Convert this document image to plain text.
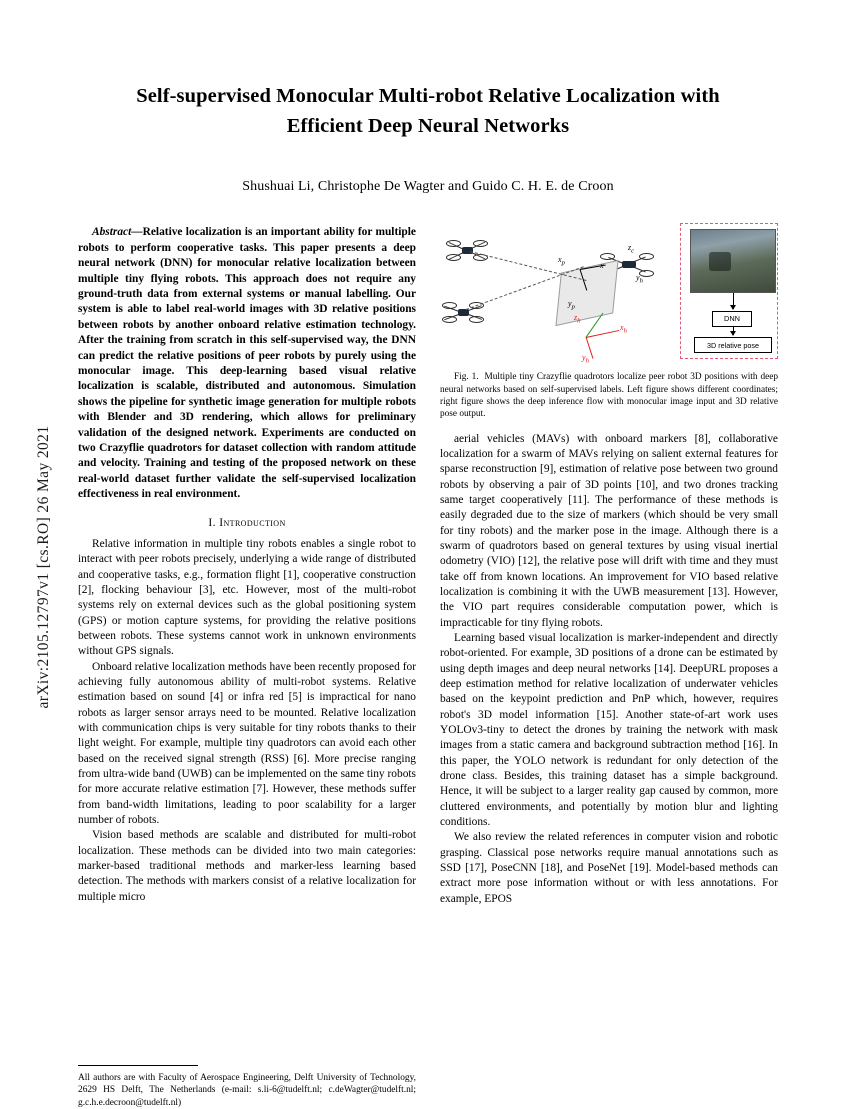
arXiv:2105.12797v1 [cs.RO] 26 May 2021
Self-supervised Monocular Multi-robot Relative Localization with Efficient Deep Neural Networks
Shushuai Li, Christophe De Wagter and Guido C. H. E. de Croon

Abstract—Relative localization is an important ability for multiple robots to perform cooperative tasks. This paper presents a deep neural network (DNN) for monocular relative localization between multiple tiny flying robots. This approach does not require any ground-truth data from external systems or manual labelling. Our system is able to label real-world images with 3D relative positions between robots by another onboard relative estimation technology. After the training from scratch in this self-supervised way, the DNN can predict the relative positions of peer robots by purely using the monocular image. This deep-learning based visual relative localization is scalable, distributed and autonomous. Simulation shows the pipeline for synthetic image generation for multiple robots with Blender and 3D rendering, which allows for preliminary validation of the designed network. Experiments are conducted on two Crazyflie quadrotors for dataset collection with random attitude and velocity. Training and testing of the proposed network on these real-world dataset further validate the self-supervised localization effectiveness in real environment.

I. Introduction

Relative information in multiple tiny robots enables a single robot to interact with peer robots precisely, underlying a wide range of distributed and cooperative tasks, e.g., formation flight [1], cooperative construction [2], flocking behaviour [3], etc. However, most of the multi-robot systems rely on external devices such as the global positioning system (GPS) or motion capture systems, for providing the relative positions between robots. These systems cannot work in unknown environments without GPS signals.

Onboard relative localization methods have been recently proposed for achieving fully autonomous ability of multi-robot systems. Relative estimation based on sound [4] or infra red [5] is impractical for nano robots as larger sensor arrays need to be mounted. Relative localization with communication chips is very suitable for tiny robots thanks to their light weight. For example, multiple tiny quadrotors can avoid each other based on the received signal strength (RSS) [6]. More precise ranging from ultra-wide band (UWB) can be implemented on the same tiny robots for more accurate relative estimation [7]. However, these methods suffer from band-width limitations, leading to poor scalability for a larger number of robots.

Vision based methods are scalable and distributed for multi-robot localization. These methods can be divided into two main categories: marker-based traditional methods and marker-less learning based detection. The methods with markers consist of a relative localization for multiple micro

All authors are with Faculty of Aerospace Engineering, Delft University of Technology, 2629 HS Delft, The Netherlands (e-mail: s.li-6@tudelft.nl; c.deWagter@tudelft.nl; g.c.h.e.decroon@tudelft.nl)
DNN
3D relative pose
$x_p$	x
$y_p$
$z_c$
$y_h$
$z_h$
$x_h$
$y_h$

Fig. 1. Multiple tiny Crazyflie quadrotors localize peer robot 3D positions with deep neural networks based on self-supervised labels. Left figure shows different coordinates; right figure shows the deep inference flow with monocular image input and 3D relative pose output.

aerial vehicles (MAVs) with onboard markers [8], collaborative localization for a swarm of MAVs relying on salient external features for sparse reconstruction [9], estimation of relative pose between two ground robots by observing a pair of 3D points [10], and two drones tracking same target cooperatively [11]. The performance of these methods is easily degraded due to the size of markers (which should be very small for tiny robots) and the marker pose in the image. Although there is a swarm of quadrotors based on general textures by using visual inertial odometry (VIO) [12], the relative pose will drift with time and they must take off from known locations. An improvement for VIO based relative localization is combining it with the UWB measurement [13]. However, the VIO part requires considerable computation power, which is impracticable for tiny flying robots.

Learning based visual localization is marker-independent and directly robot-oriented. For example, 3D positions of a drone can be estimated by using depth images and deep neural networks [14]. DeepURL proposes a deep estimation method for relative localization of underwater vehicles based on the keypoint prediction and PnP which, however, requires robot's 3D model information [15]. Another state-of-art work uses YOLOv3-tiny to detect the drones by training the network with mask images from a static camera and background subtraction method [16]. In this paper, the YOLO network is redundant for only detection of the drone class. Besides, this training dataset has a simple background. Hence, it will be subject to a larger reality gap caused by common, more cluttered environments, and potentially by motion blur and lighting conditions.

We also review the related references in computer vision and robotic grasping. Classical pose networks require manual annotations such as SSD [17], PoseCNN [18], and PoseNet [19]. Model-based methods can extract more pose information without or with less annotations. For example, EPOS
